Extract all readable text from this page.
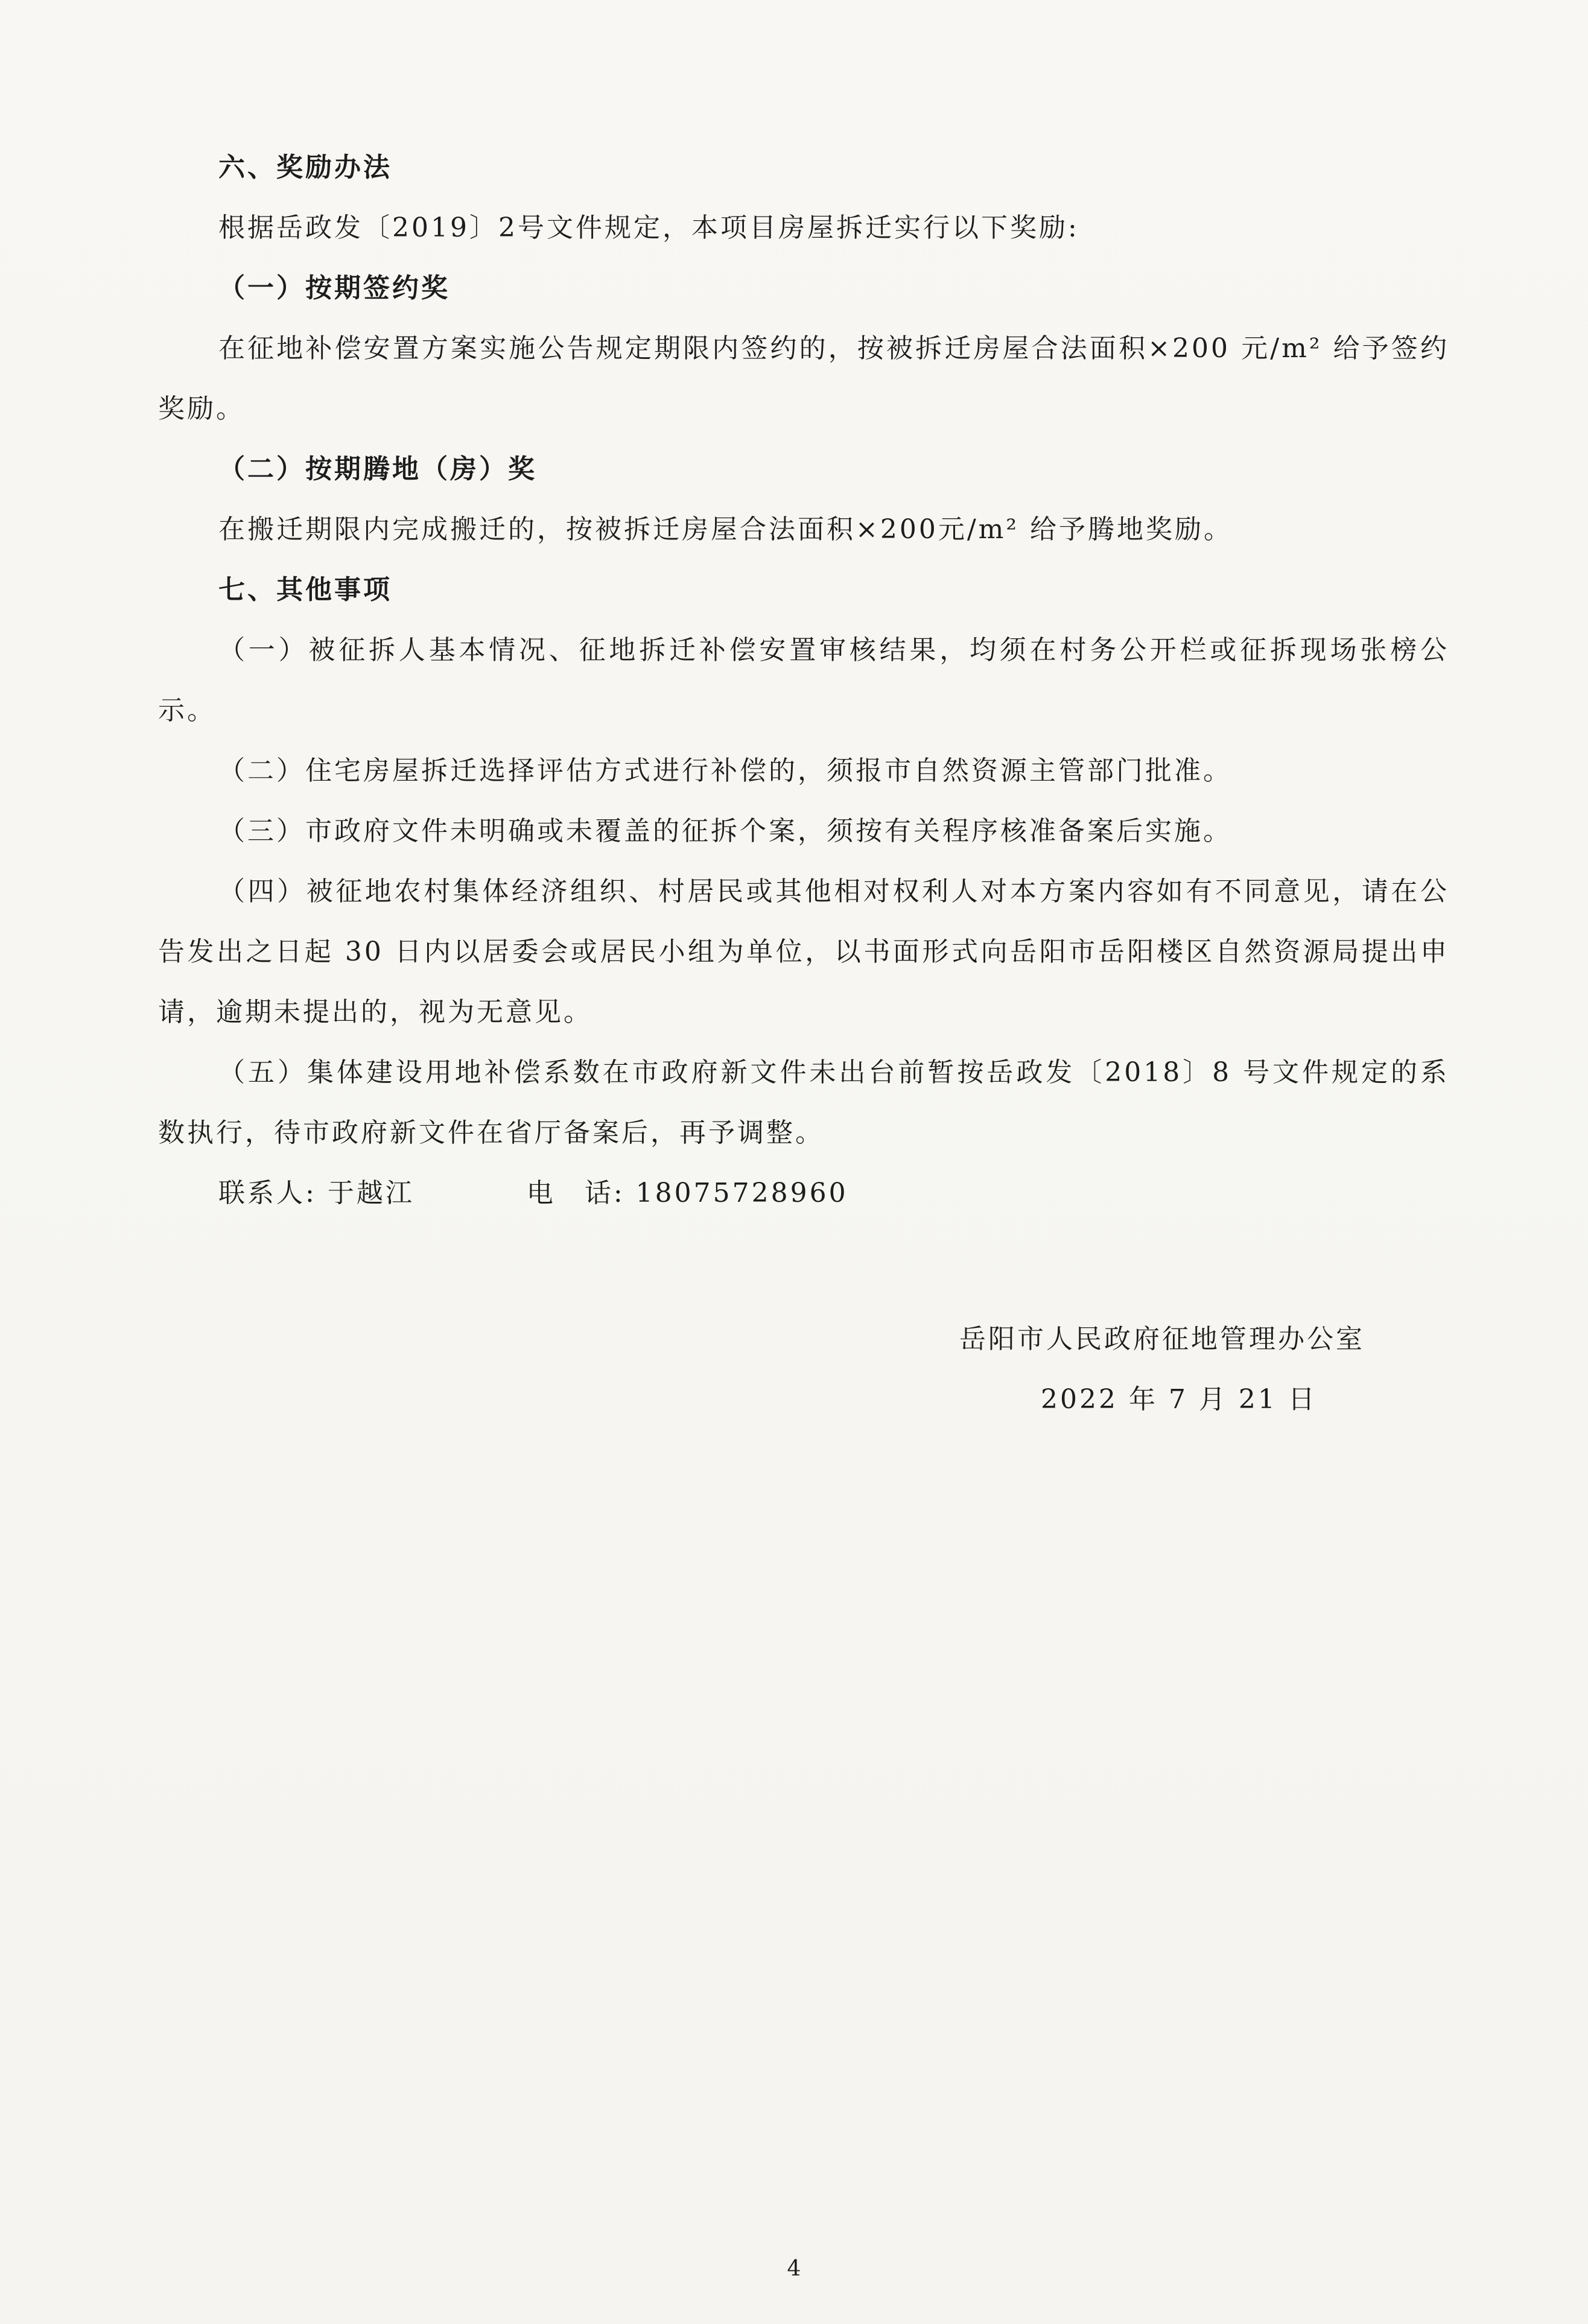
六、奖励办法

根据岳政发〔2019〕2号文件规定，本项目房屋拆迁实行以下奖励:

（一）按期签约奖

在征地补偿安置方案实施公告规定期限内签约的，按被拆迁房屋合法面积×200 元/m² 给予签约奖励。

（二）按期腾地（房）奖

在搬迁期限内完成搬迁的，按被拆迁房屋合法面积×200元/m² 给予腾地奖励。

七、其他事项

（一）被征拆人基本情况、征地拆迁补偿安置审核结果，均须在村务公开栏或征拆现场张榜公示。

（二）住宅房屋拆迁选择评估方式进行补偿的，须报市自然资源主管部门批准。

（三）市政府文件未明确或未覆盖的征拆个案，须按有关程序核准备案后实施。

（四）被征地农村集体经济组织、村居民或其他相对权利人对本方案内容如有不同意见，请在公告发出之日起 30 日内以居委会或居民小组为单位，以书面形式向岳阳市岳阳楼区自然资源局提出申请，逾期未提出的，视为无意见。

（五）集体建设用地补偿系数在市政府新文件未出台前暂按岳政发〔2018〕8 号文件规定的系数执行，待市政府新文件在省厅备案后，再予调整。

联系人: 于越江	电　话: 18075728960
岳阳市人民政府征地管理办公室
2022 年 7 月 21 日
4
